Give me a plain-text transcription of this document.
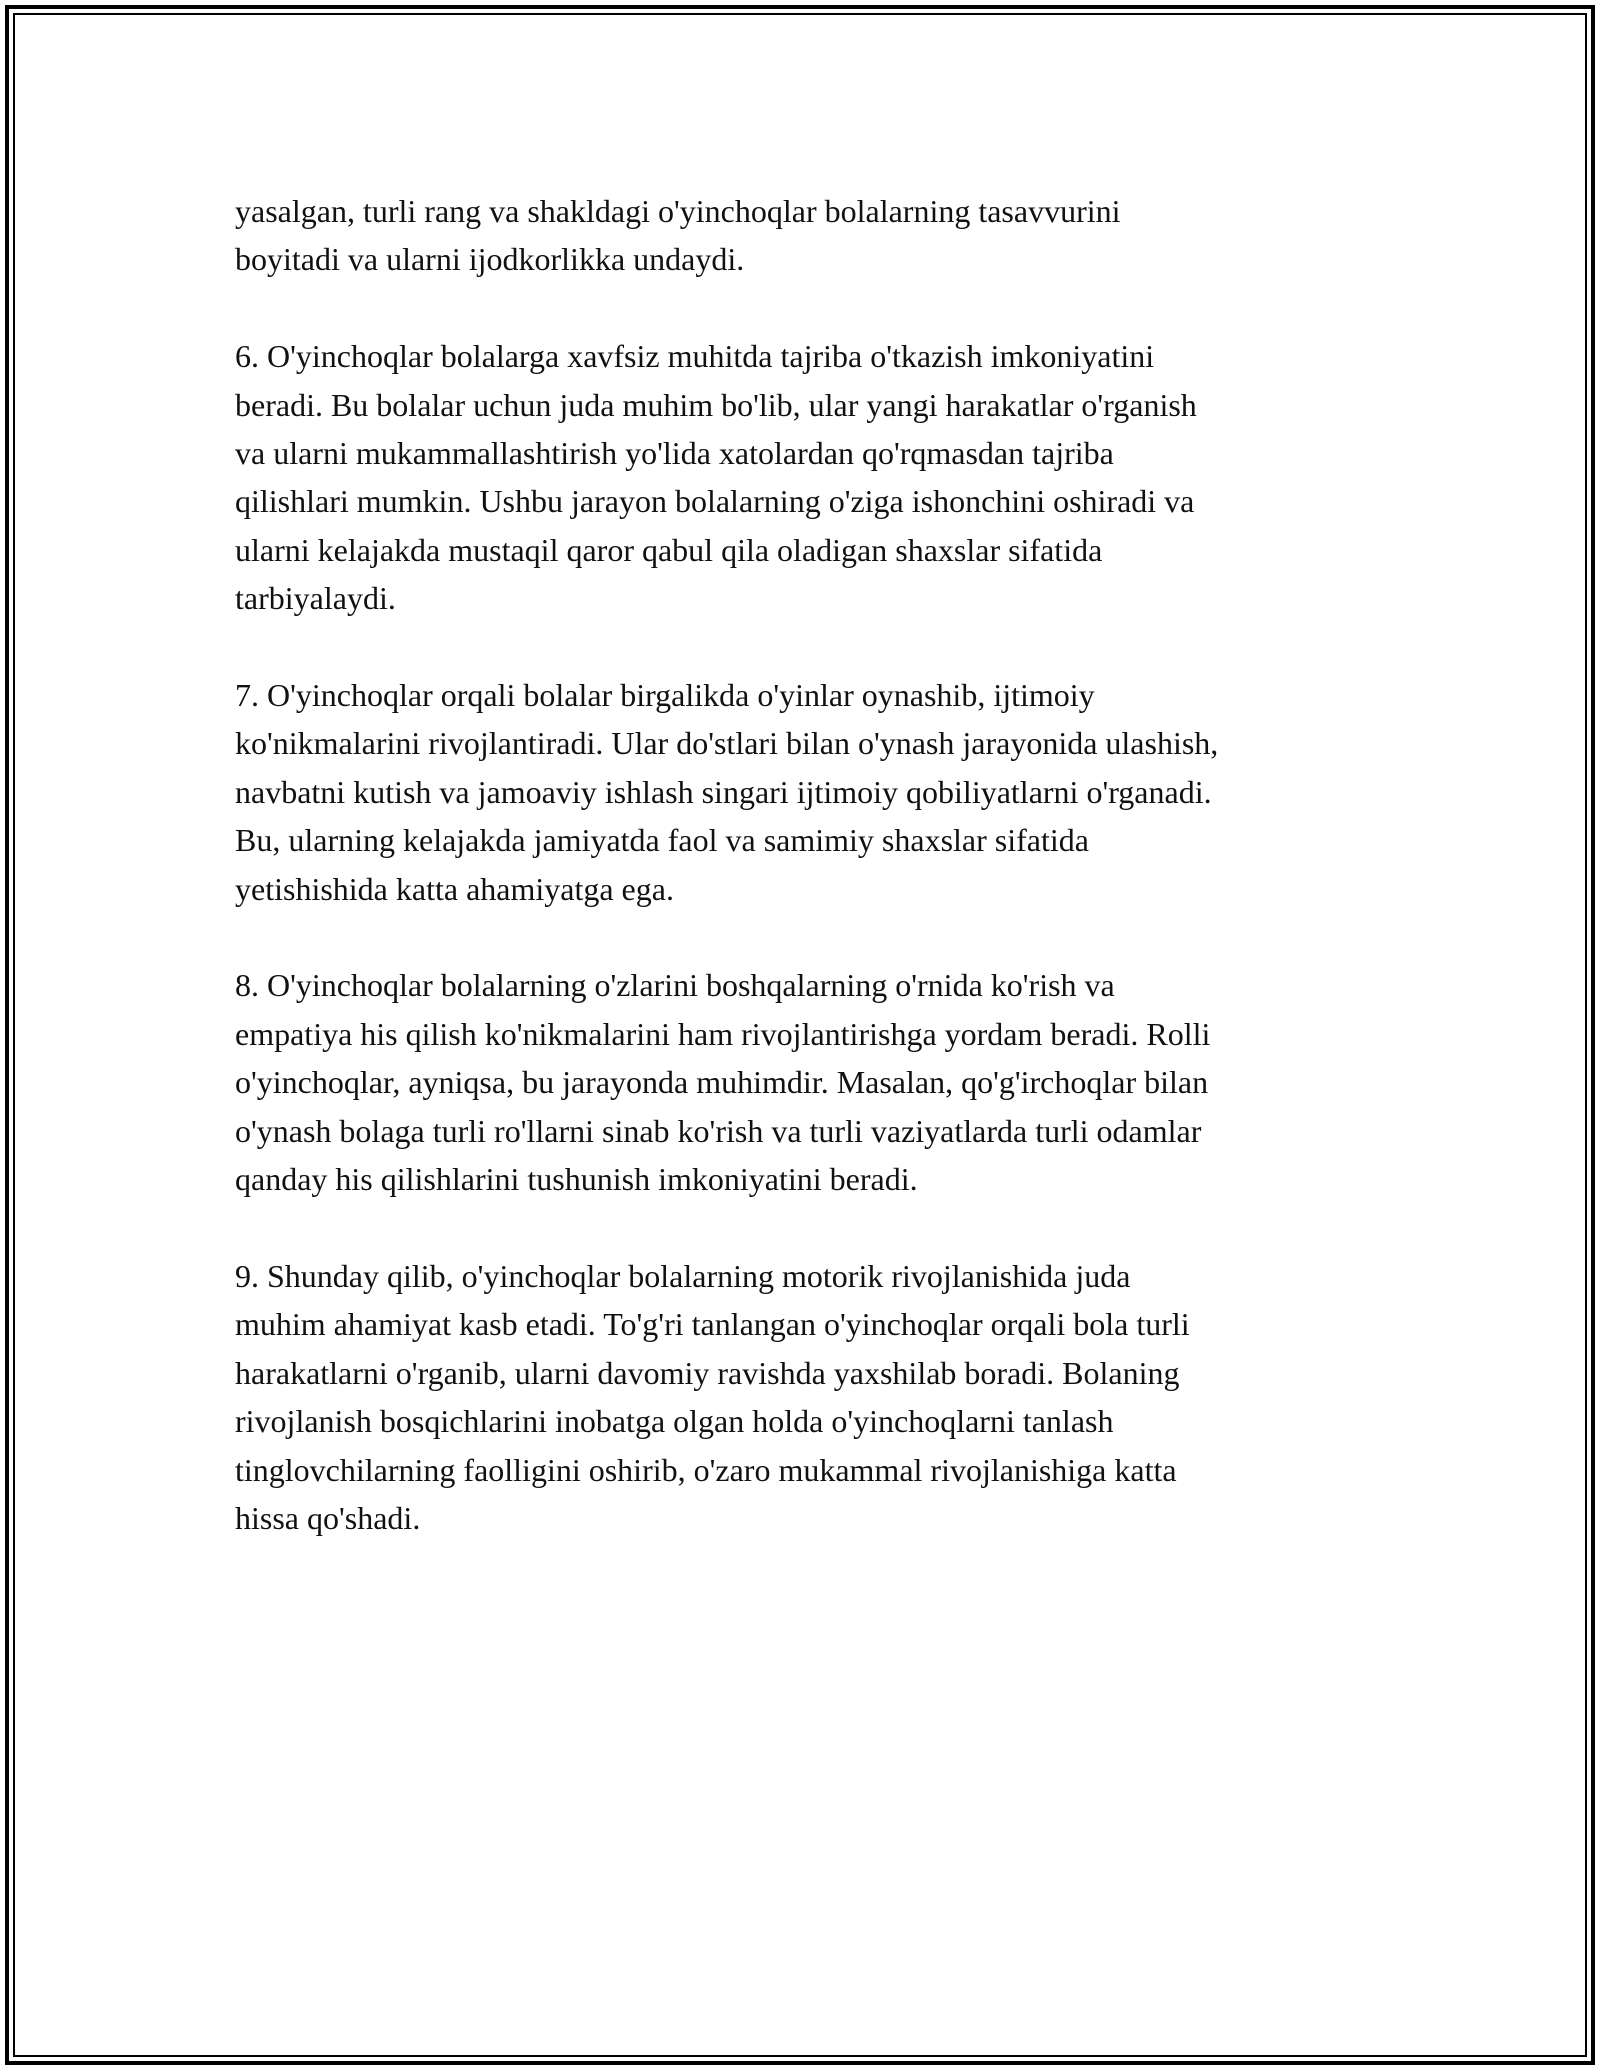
yasalgan, turli rang va shakldagi o'yinchoqlar bolalarning tasavvurini
boyitadi va ularni ijodkorlikka undaydi.
6. O'yinchoqlar bolalarga xavfsiz muhitda tajriba o'tkazish imkoniyatini
beradi. Bu bolalar uchun juda muhim bo'lib, ular yangi harakatlar o'rganish
va ularni mukammallashtirish yo'lida xatolardan qo'rqmasdan tajriba
qilishlari mumkin. Ushbu jarayon bolalarning o'ziga ishonchini oshiradi va
ularni kelajakda mustaqil qaror qabul qila oladigan shaxslar sifatida
tarbiyalaydi.
7. O'yinchoqlar orqali bolalar birgalikda o'yinlar oynashib, ijtimoiy
ko'nikmalarini rivojlantiradi. Ular do'stlari bilan o'ynash jarayonida ulashish,
navbatni kutish va jamoaviy ishlash singari ijtimoiy qobiliyatlarni o'rganadi.
Bu, ularning kelajakda jamiyatda faol va samimiy shaxslar sifatida
yetishishida katta ahamiyatga ega.
8. O'yinchoqlar bolalarning o'zlarini boshqalarning o'rnida ko'rish va
empatiya his qilish ko'nikmalarini ham rivojlantirishga yordam beradi. Rolli
o'yinchoqlar, ayniqsa, bu jarayonda muhimdir. Masalan, qo'g'irchoqlar bilan
o'ynash bolaga turli ro'llarni sinab ko'rish va turli vaziyatlarda turli odamlar
qanday his qilishlarini tushunish imkoniyatini beradi.
9. Shunday qilib, o'yinchoqlar bolalarning motorik rivojlanishida juda
muhim ahamiyat kasb etadi. To'g'ri tanlangan o'yinchoqlar orqali bola turli
harakatlarni o'rganib, ularni davomiy ravishda yaxshilab boradi. Bolaning
rivojlanish bosqichlarini inobatga olgan holda o'yinchoqlarni tanlash
tinglovchilarning faolligini oshirib, o'zaro mukammal rivojlanishiga katta
hissa qo'shadi.
